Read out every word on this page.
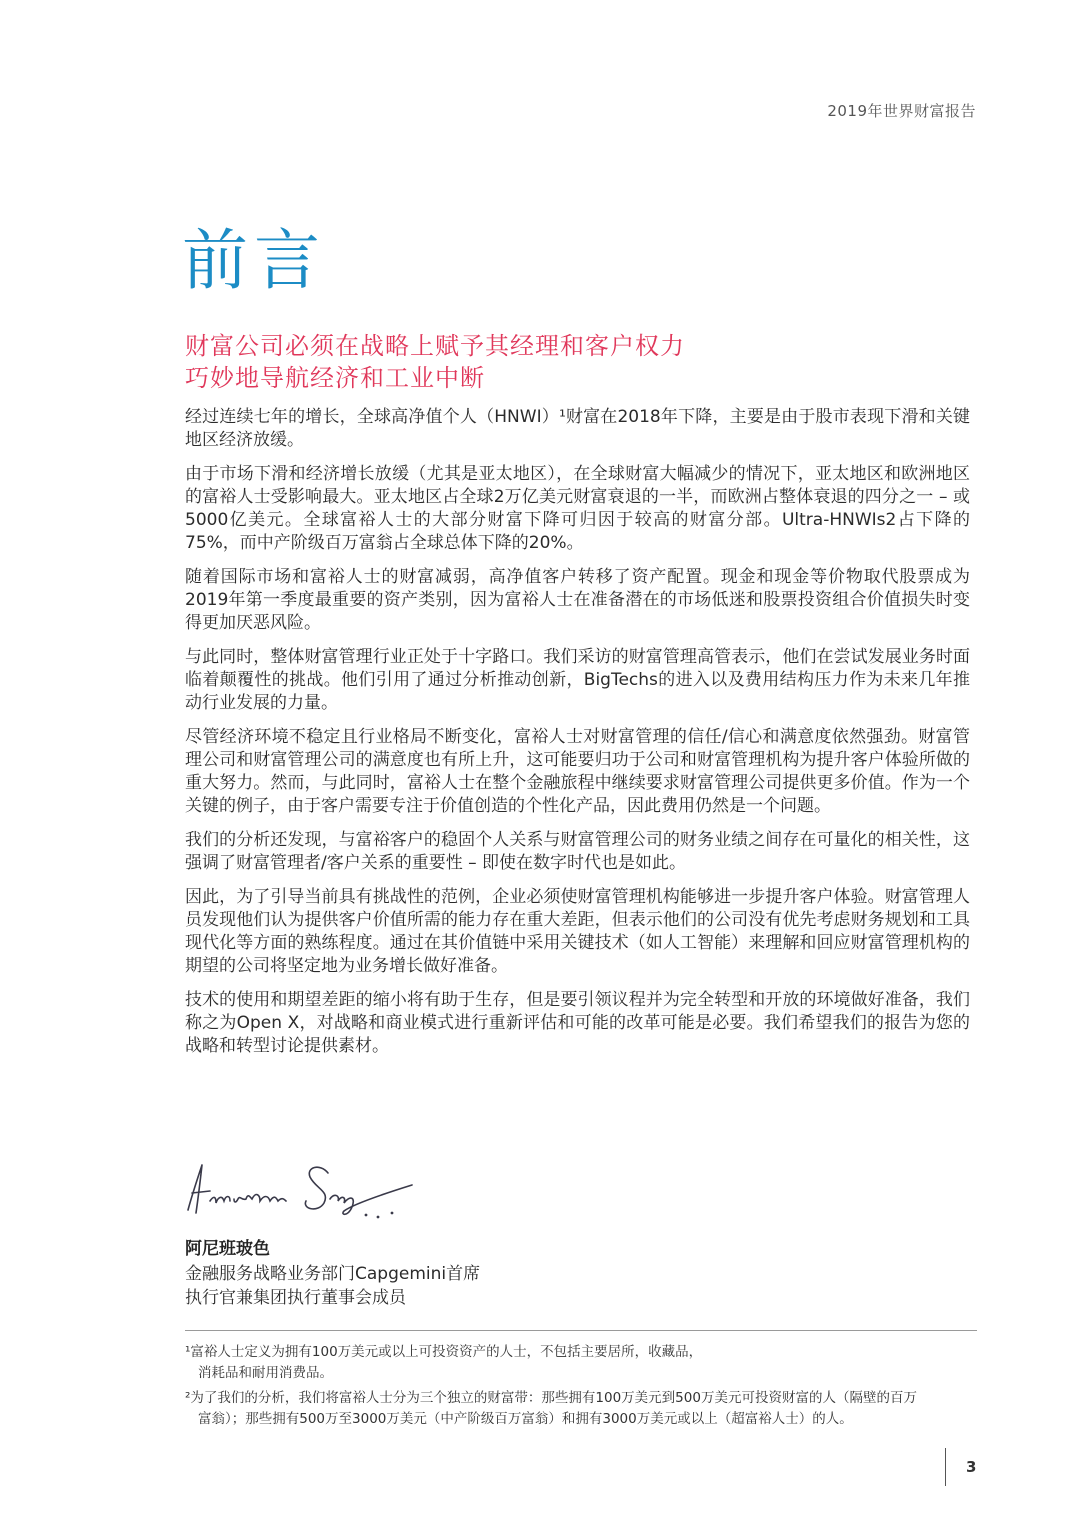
2019年世界财富报告
前言
财富公司必须在战略上赋予其经理和客户权力
巧妙地导航经济和工业中断

经过连续七年的增长，全球高净值个人（HNWI）¹财富在2018年下降，主要是由于股市表现下滑和关键地区经济放缓。

由于市场下滑和经济增长放缓（尤其是亚太地区），在全球财富大幅减少的情况下，亚太地区和欧洲地区的富裕人士受影响最大。亚太地区占全球2万亿美元财富衰退的一半，而欧洲占整体衰退的四分之一 – 或5000亿美元。全球富裕人士的大部分财富下降可归因于较高的财富分部。Ultra-HNWIs2占下降的75%，而中产阶级百万富翁占全球总体下降的20%。

随着国际市场和富裕人士的财富减弱，高净值客户转移了资产配置。现金和现金等价物取代股票成为2019年第一季度最重要的资产类别，因为富裕人士在准备潜在的市场低迷和股票投资组合价值损失时变得更加厌恶风险。

与此同时，整体财富管理行业正处于十字路口。我们采访的财富管理高管表示，他们在尝试发展业务时面临着颠覆性的挑战。他们引用了通过分析推动创新，BigTechs的进入以及费用结构压力作为未来几年推动行业发展的力量。

尽管经济环境不稳定且行业格局不断变化，富裕人士对财富管理的信任/信心和满意度依然强劲。财富管理公司和财富管理公司的满意度也有所上升，这可能要归功于公司和财富管理机构为提升客户体验所做的重大努力。然而，与此同时，富裕人士在整个金融旅程中继续要求财富管理公司提供更多价值。作为一个关键的例子，由于客户需要专注于价值创造的个性化产品，因此费用仍然是一个问题。

我们的分析还发现，与富裕客户的稳固个人关系与财富管理公司的财务业绩之间存在可量化的相关性，这强调了财富管理者/客户关系的重要性 – 即使在数字时代也是如此。

因此，为了引导当前具有挑战性的范例，企业必须使财富管理机构能够进一步提升客户体验。财富管理人员发现他们认为提供客户价值所需的能力存在重大差距，但表示他们的公司没有优先考虑财务规划和工具现代化等方面的熟练程度。通过在其价值链中采用关键技术（如人工智能）来理解和回应财富管理机构的期望的公司将坚定地为业务增长做好准备。

技术的使用和期望差距的缩小将有助于生存，但是要引领议程并为完全转型和开放的环境做好准备，我们称之为Open X，对战略和商业模式进行重新评估和可能的改革可能是必要。我们希望我们的报告为您的战略和转型讨论提供素材。

阿尼班玻色
金融服务战略业务部门Capgemini首席
执行官兼集团执行董事会成员
¹富裕人士定义为拥有100万美元或以上可投资资产的人士，不包括主要居所，收藏品，
消耗品和耐用消费品。
²为了我们的分析，我们将富裕人士分为三个独立的财富带：那些拥有100万美元到500万美元可投资财富的人（隔壁的百万
富翁）；那些拥有500万至3000万美元（中产阶级百万富翁）和拥有3000万美元或以上（超富裕人士）的人。
3
